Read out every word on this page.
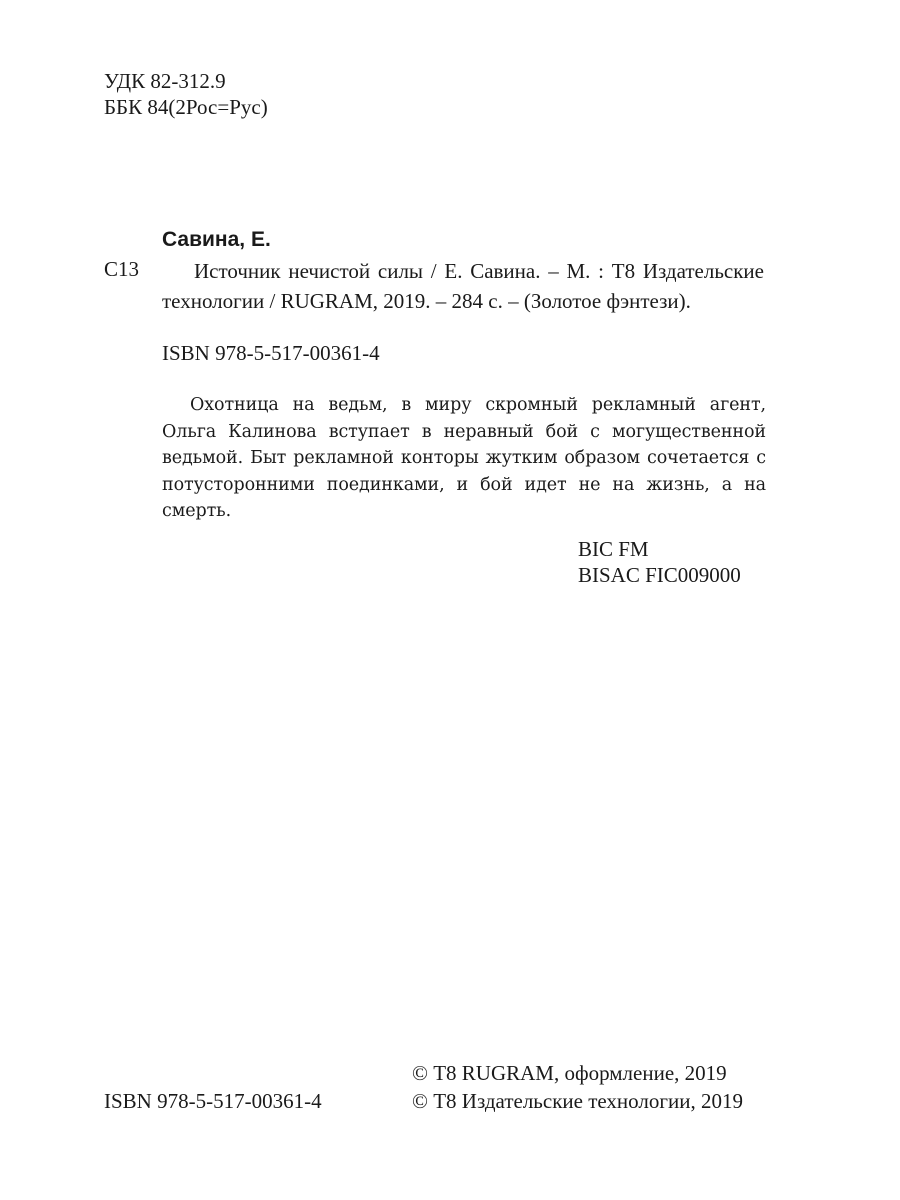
УДК 82-312.9
ББК 84(2Рос=Рус)
Савина, Е.
С13	Источник нечистой силы / Е. Савина. – М. : Т8 Издательские технологии / RUGRAM, 2019. – 284 с. – (Золотое фэнтези).
ISBN 978-5-517-00361-4
Охотница на ведьм, в миру скромный рекламный агент, Ольга Калинова вступает в неравный бой с могущественной ведьмой. Быт рекламной конторы жутким образом сочетается с потусторонними поединками, и бой идет не на жизнь, а на смерть.
BIC FM
BISAC FIC009000
© Т8 RUGRAM, оформление, 2019
ISBN 978-5-517-00361-4	© Т8 Издательские технологии, 2019
